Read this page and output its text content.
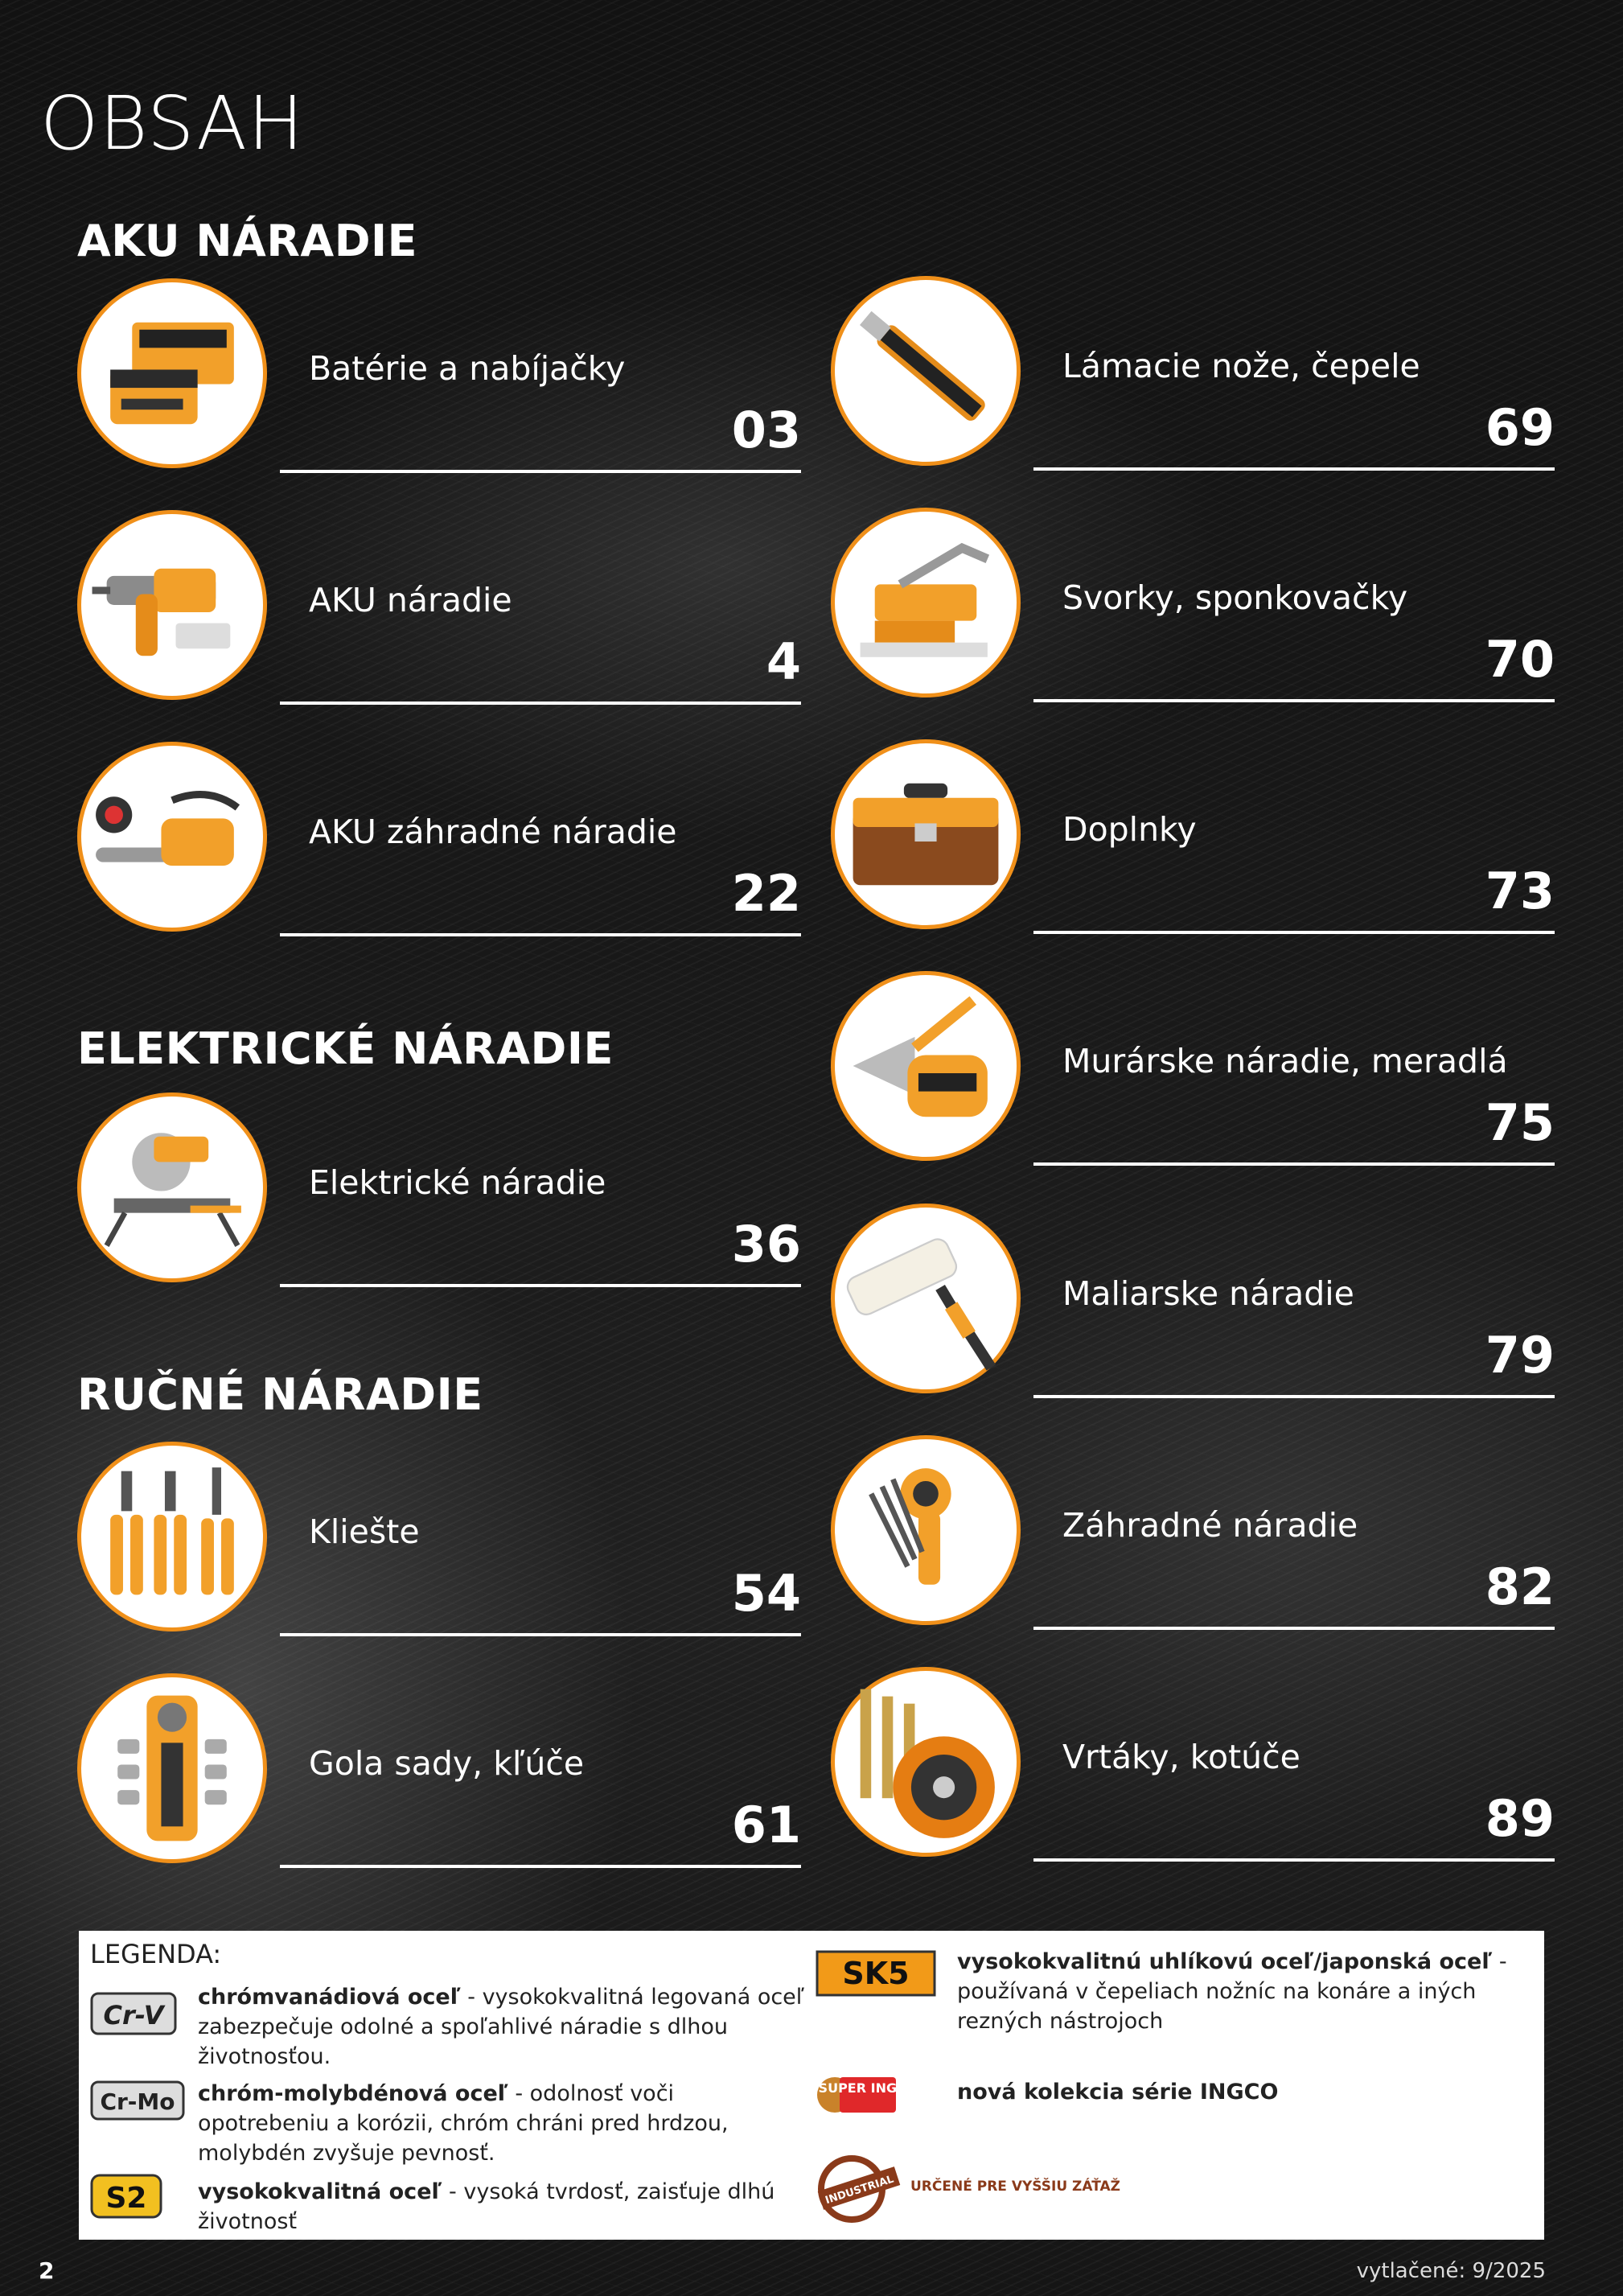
OBSAH
AKU NÁRADIE
ELEKTRICKÉ NÁRADIE
RUČNÉ NÁRADIE
Batérie a nabíjačky
03
AKU náradie
4
AKU záhradné náradie
22
Elektrické náradie
36
Kliešte
54
Gola sady, kľúče
61
Lámacie nože, čepele
69
Svorky, sponkovačky
70
Doplnky
73
Murárske náradie, meradlá
75
Maliarske náradie
79
Záhradné náradie
82
Vrtáky, kotúče
89
LEGENDA:
Cr-V
chrómvanádiová oceľ - vysokokvalitná legovaná oceľ zabezpečuje odolné a spoľahlivé náradie s dlhou životnosťou.
Cr-Mo chróm-molybdénová oceľ - odolnosť voči opotrebeniu a korózii, chróm chráni pred hrdzou, molybdén zvyšuje pevnosť.
S2 vysokokvalitná oceľ - vysoká tvrdosť, zaisťuje dlhú životnosť
SK5 vysokokvalitnú uhlíkovú oceľ/japonská oceľ - používaná v čepeliach nožníc na konáre a iných rezných nástrojoch
SUPER INGCO nová kolekcia série INGCO
INDUSTRIAL URČENÉ PRE VYŠŠIU ZÁŤAŽ
2	vytlačené: 9/2025
